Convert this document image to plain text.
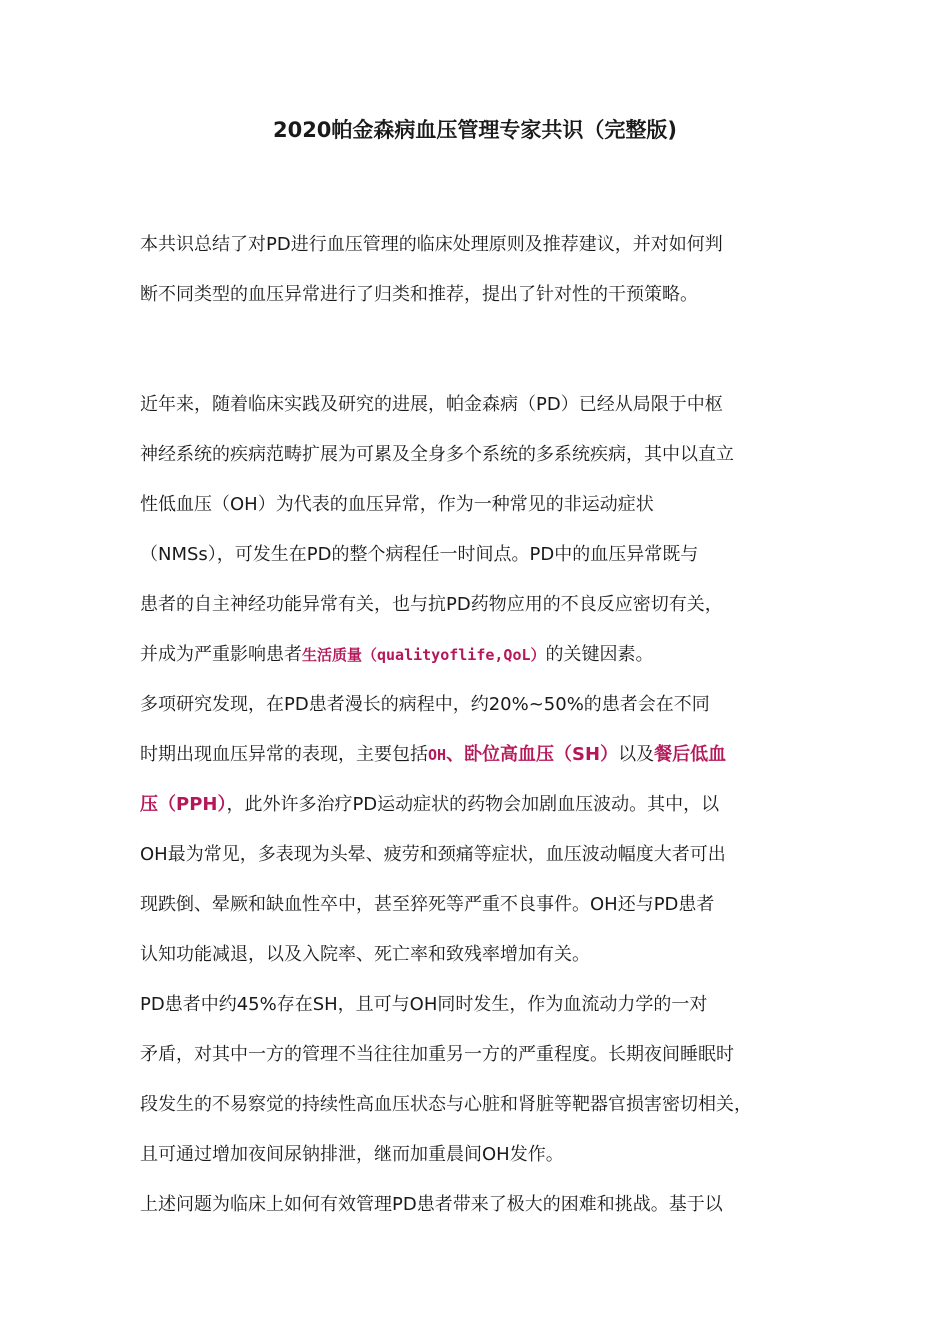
2020帕金森病血压管理专家共识（完整版)

本共识总结了对PD进行血压管理的临床处理原则及推荐建议，并对如何判

断不同类型的血压异常进行了归类和推荐，提出了针对性的干预策略。

近年来，随着临床实践及研究的进展，帕金森病（PD）已经从局限于中枢

神经系统的疾病范畴扩展为可累及全身多个系统的多系统疾病，其中以直立

性低血压（OH）为代表的血压异常，作为一种常见的非运动症状

（NMSs），可发生在PD的整个病程任一时间点。PD中的血压异常既与

患者的自主神经功能异常有关，也与抗PD药物应用的不良反应密切有关，

并成为严重影响患者生活质量（qualityoflife,QoL）的关键因素。

多项研究发现，在PD患者漫长的病程中，约20%~50%的患者会在不同

时期出现血压异常的表现，主要包括OH、卧位高血压（SH）以及餐后低血

压（PPH），此外许多治疗PD运动症状的药物会加剧血压波动。其中，以

OH最为常见，多表现为头晕、疲劳和颈痛等症状，血压波动幅度大者可出

现跌倒、晕厥和缺血性卒中，甚至猝死等严重不良事件。OH还与PD患者

认知功能减退，以及入院率、死亡率和致残率增加有关。

PD患者中约45%存在SH，且可与OH同时发生，作为血流动力学的一对

矛盾，对其中一方的管理不当往往加重另一方的严重程度。长期夜间睡眠时

段发生的不易察觉的持续性高血压状态与心脏和肾脏等靶器官损害密切相关，

且可通过增加夜间尿钠排泄，继而加重晨间OH发作。

上述问题为临床上如何有效管理PD患者带来了极大的困难和挑战。基于以
